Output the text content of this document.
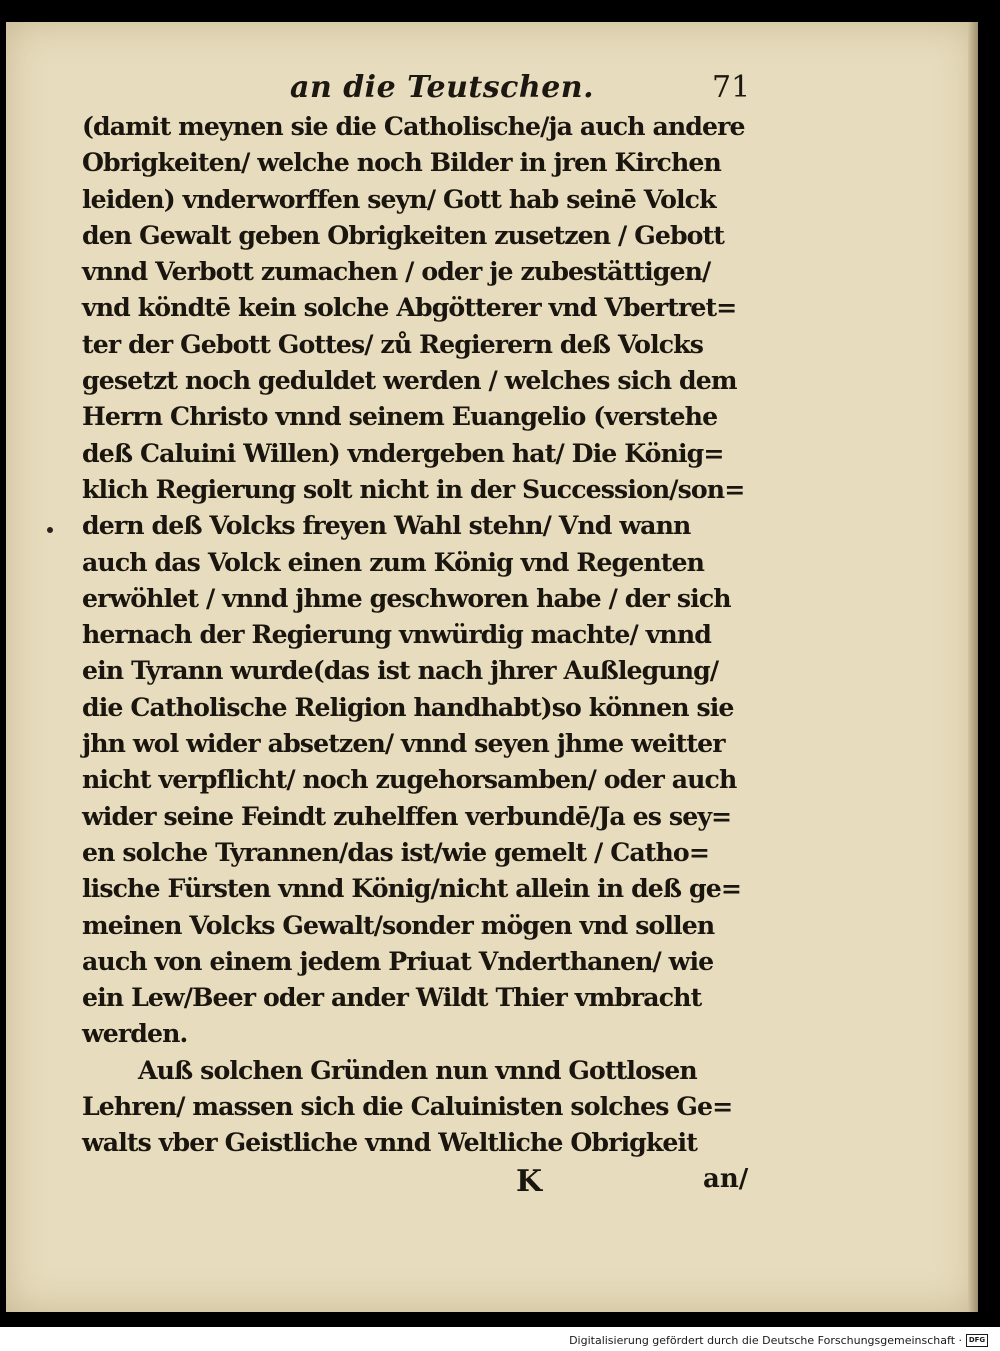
an die Teutschen.	71
(damit meynen sie die Catholische/ja auch andere
Obrigkeiten/ welche noch Bilder in jren Kirchen
leiden) vnderworffen seyn/ Gott hab seinē Volck
den Gewalt geben Obrigkeiten zusetzen / Gebott
vnnd Verbott zumachen / oder je zubestättigen/
vnd köndtē kein solche Abgötterer vnd Vbertret=
ter der Gebott Gottes/ zů Regierern deß Volcks
gesetzt noch geduldet werden / welches sich dem
Herrn Christo vnnd seinem Euangelio (verstehe
deß Caluini Willen) vndergeben hat/ Die König=
klich Regierung solt nicht in der Succession/son=
dern deß Volcks freyen Wahl stehn/ Vnd wann
auch das Volck einen zum König vnd Regenten
erwöhlet / vnnd jhme geschworen habe / der sich
hernach der Regierung vnwürdig machte/ vnnd
ein Tyrann wurde(das ist nach jhrer Außlegung/
die Catholische Religion handhabt)so können sie
jhn wol wider absetzen/ vnnd seyen jhme weitter
nicht verpflicht/ noch zugehorsamben/ oder auch
wider seine Feindt zuhelffen verbundē/Ja es sey=
en solche Tyrannen/das ist/wie gemelt / Catho=
lische Fürsten vnnd König/nicht allein in deß ge=
meinen Volcks Gewalt/sonder mögen vnd sollen
auch von einem jedem Priuat Vnderthanen/ wie
ein Lew/Beer oder ander Wildt Thier vmbracht
werden.
Auß solchen Gründen nun vnnd Gottlosen
Lehren/ massen sich die Caluinisten solches Ge=
walts vber Geistliche vnnd Weltliche Obrigkeit
K	an/
Digitalisierung gefördert durch die Deutsche Forschungsgemeinschaft · DFG
